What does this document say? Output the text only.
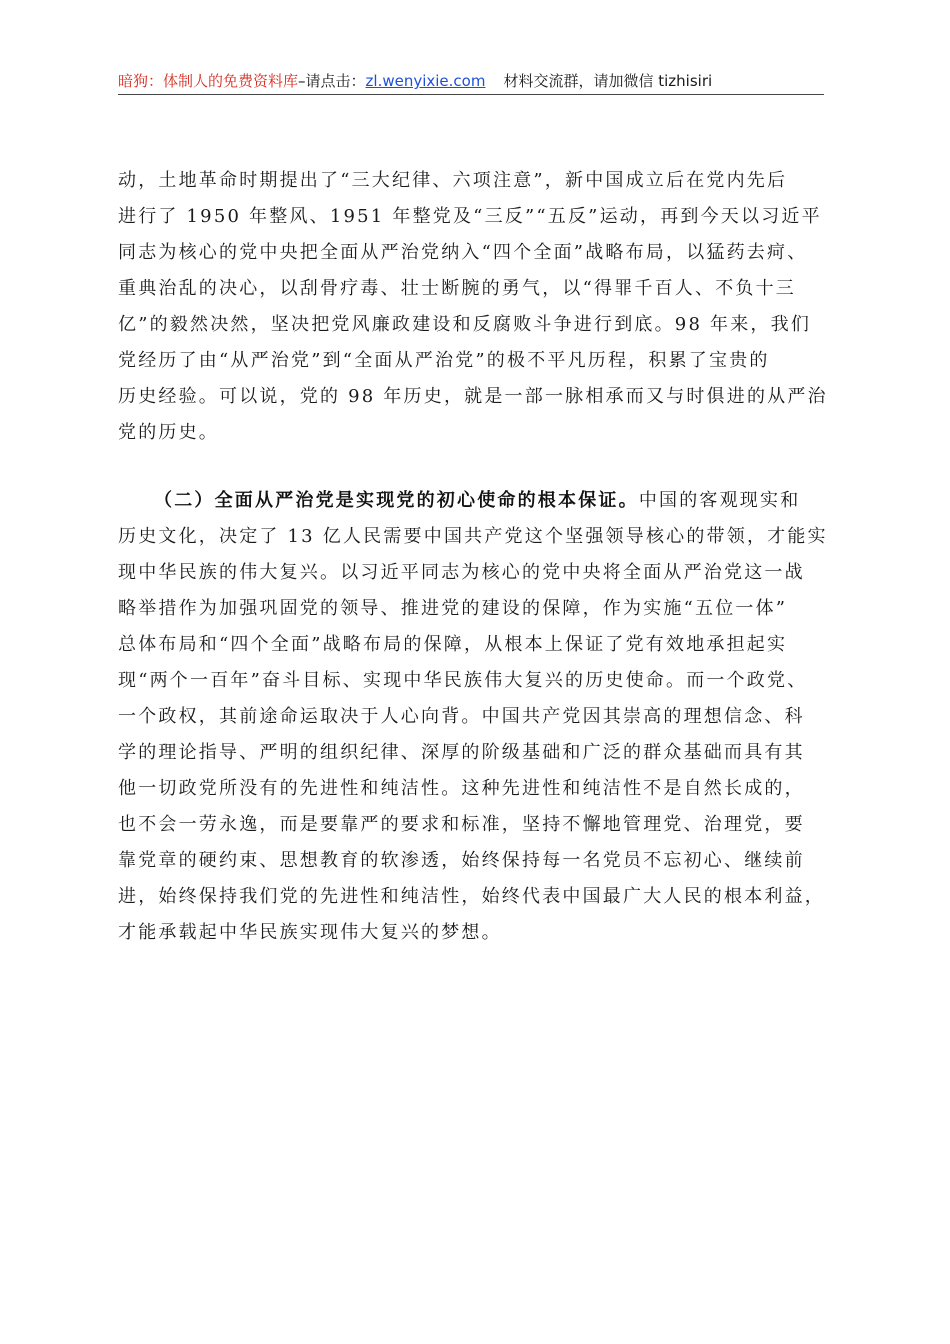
暗狗：体制人的免费资料库–请点击：zl.wenyixie.com 材料交流群，请加微信 tizhisiri
动，土地革命时期提出了“三大纪律、六项注意”，新中国成立后在党内先后
进行了 1950 年整风、1951 年整党及“三反”“五反”运动，再到今天以习近平
同志为核心的党中央把全面从严治党纳入“四个全面”战略布局，以猛药去疴、
重典治乱的决心，以刮骨疗毒、壮士断腕的勇气，以“得罪千百人、不负十三
亿”的毅然决然，坚决把党风廉政建设和反腐败斗争进行到底。98 年来，我们
党经历了由“从严治党”到“全面从严治党”的极不平凡历程，积累了宝贵的
历史经验。可以说，党的 98 年历史，就是一部一脉相承而又与时俱进的从严治
党的历史。
（二）全面从严治党是实现党的初心使命的根本保证。中国的客观现实和
历史文化，决定了 13 亿人民需要中国共产党这个坚强领导核心的带领，才能实
现中华民族的伟大复兴。以习近平同志为核心的党中央将全面从严治党这一战
略举措作为加强巩固党的领导、推进党的建设的保障，作为实施“五位一体”
总体布局和“四个全面”战略布局的保障，从根本上保证了党有效地承担起实
现“两个一百年”奋斗目标、实现中华民族伟大复兴的历史使命。而一个政党、
一个政权，其前途命运取决于人心向背。中国共产党因其崇高的理想信念、科
学的理论指导、严明的组织纪律、深厚的阶级基础和广泛的群众基础而具有其
他一切政党所没有的先进性和纯洁性。这种先进性和纯洁性不是自然长成的，
也不会一劳永逸，而是要靠严的要求和标准，坚持不懈地管理党、治理党，要
靠党章的硬约束、思想教育的软渗透，始终保持每一名党员不忘初心、继续前
进，始终保持我们党的先进性和纯洁性，始终代表中国最广大人民的根本利益，
才能承载起中华民族实现伟大复兴的梦想。
